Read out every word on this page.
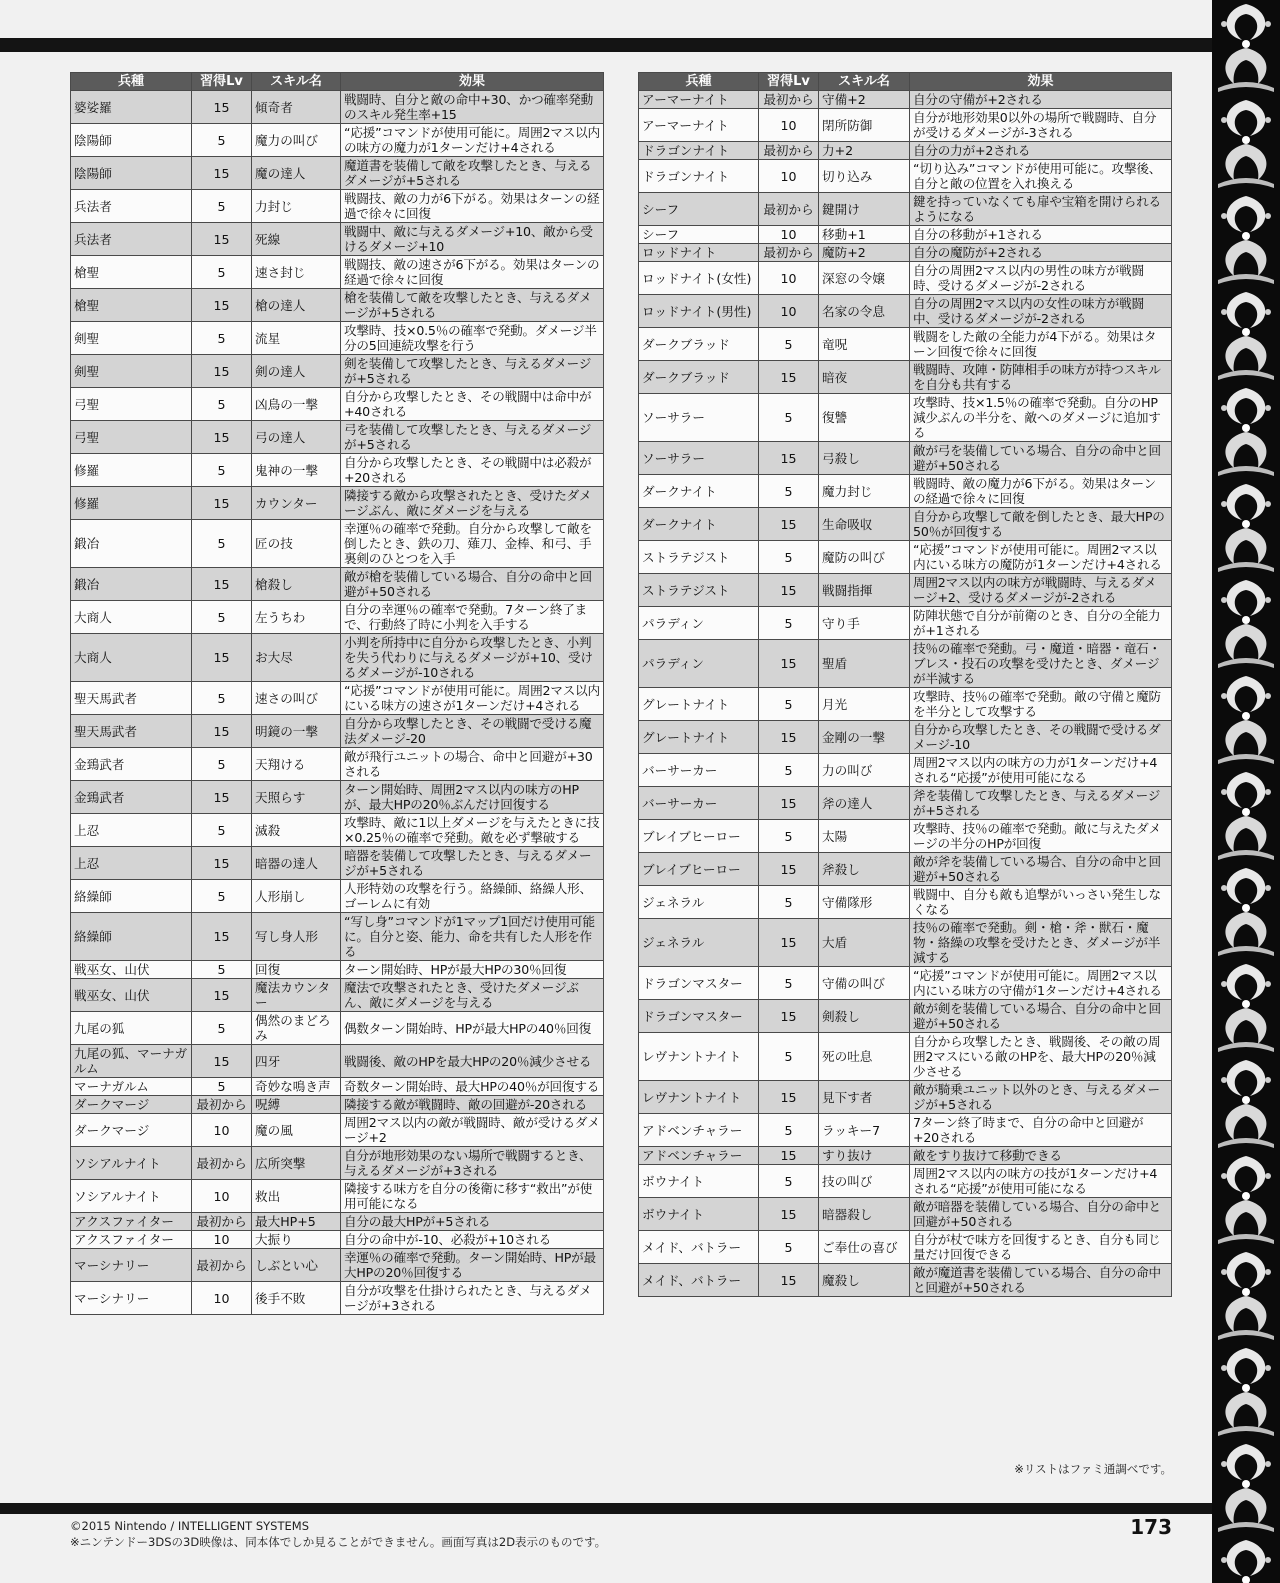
兵種	習得Lv	スキル名	効果
婆娑羅	15	傾奇者	戦闘時、自分と敵の命中+30、かつ確率発動のスキル発生率+15
陰陽師	5	魔力の叫び	“応援”コマンドが使用可能に。周囲2マス以内の味方の魔力が1ターンだけ+4される
陰陽師	15	魔の達人	魔道書を装備して敵を攻撃したとき、与えるダメージが+5される
兵法者	5	力封じ	戦闘技、敵の力が6下がる。効果はターンの経過で徐々に回復
兵法者	15	死線	戦闘中、敵に与えるダメージ+10、敵から受けるダメージ+10
槍聖	5	速さ封じ	戦闘技、敵の速さが6下がる。効果はターンの経過で徐々に回復
槍聖	15	槍の達人	槍を装備して敵を攻撃したとき、与えるダメージが+5される
剣聖	5	流星	攻撃時、技×0.5％の確率で発動。ダメージ半分の5回連続攻撃を行う
剣聖	15	剣の達人	剣を装備して攻撃したとき、与えるダメージが+5される
弓聖	5	凶鳥の一撃	自分から攻撃したとき、その戦闘中は命中が+40される
弓聖	15	弓の達人	弓を装備して攻撃したとき、与えるダメージが+5される
修羅	5	鬼神の一撃	自分から攻撃したとき、その戦闘中は必殺が+20される
修羅	15	カウンター	隣接する敵から攻撃されたとき、受けたダメージぶん、敵にダメージを与える
鍛冶	5	匠の技	幸運％の確率で発動。自分から攻撃して敵を倒したとき、鉄の刀、薙刀、金棒、和弓、手裏剣のひとつを入手
鍛冶	15	槍殺し	敵が槍を装備している場合、自分の命中と回避が+50される
大商人	5	左うちわ	自分の幸運％の確率で発動。7ターン終了まで、行動終了時に小判を入手する
大商人	15	お大尽	小判を所持中に自分から攻撃したとき、小判を失う代わりに与えるダメージが+10、受けるダメージが-10される
聖天馬武者	5	速さの叫び	“応援”コマンドが使用可能に。周囲2マス以内にいる味方の速さが1ターンだけ+4される
聖天馬武者	15	明鏡の一撃	自分から攻撃したとき、その戦闘で受ける魔法ダメージ-20
金鵄武者	5	天翔ける	敵が飛行ユニットの場合、命中と回避が+30される
金鵄武者	15	天照らす	ターン開始時、周囲2マス以内の味方のHPが、最大HPの20％ぶんだけ回復する
上忍	5	滅殺	攻撃時、敵に1以上ダメージを与えたときに技×0.25％の確率で発動。敵を必ず撃破する
上忍	15	暗器の達人	暗器を装備して攻撃したとき、与えるダメージが+5される
絡繰師	5	人形崩し	人形特効の攻撃を行う。絡繰師、絡繰人形、ゴーレムに有効
絡繰師	15	写し身人形	“写し身”コマンドが1マップ1回だけ使用可能に。自分と姿、能力、命を共有した人形を作る
戦巫女、山伏	5	回復	ターン開始時、HPが最大HPの30％回復
戦巫女、山伏	15	魔法カウンター	魔法で攻撃されたとき、受けたダメージぶん、敵にダメージを与える
九尾の狐	5	偶然のまどろみ	偶数ターン開始時、HPが最大HPの40％回復
九尾の狐、マーナガルム	15	四牙	戦闘後、敵のHPを最大HPの20％減少させる
マーナガルム	5	奇妙な鳴き声	奇数ターン開始時、最大HPの40％が回復する
ダークマージ	最初から	呪縛	隣接する敵が戦闘時、敵の回避が-20される
ダークマージ	10	魔の風	周囲2マス以内の敵が戦闘時、敵が受けるダメージ+2
ソシアルナイト	最初から	広所突撃	自分が地形効果のない場所で戦闘するとき、与えるダメージが+3される
ソシアルナイト	10	救出	隣接する味方を自分の後衛に移す“救出”が使用可能になる
アクスファイター	最初から	最大HP+5	自分の最大HPが+5される
アクスファイター	10	大振り	自分の命中が-10、必殺が+10される
マーシナリー	最初から	しぶとい心	幸運％の確率で発動。ターン開始時、HPが最大HPの20％回復する
マーシナリー	10	後手不敗	自分が攻撃を仕掛けられたとき、与えるダメージが+3される
兵種	習得Lv	スキル名	効果
アーマーナイト	最初から	守備+2	自分の守備が+2される
アーマーナイト	10	閉所防御	自分が地形効果0以外の場所で戦闘時、自分が受けるダメージが-3される
ドラゴンナイト	最初から	力+2	自分の力が+2される
ドラゴンナイト	10	切り込み	“切り込み”コマンドが使用可能に。攻撃後、自分と敵の位置を入れ換える
シーフ	最初から	鍵開け	鍵を持っていなくても扉や宝箱を開けられるようになる
シーフ	10	移動+1	自分の移動が+1される
ロッドナイト	最初から	魔防+2	自分の魔防が+2される
ロッドナイト(女性)	10	深窓の令嬢	自分の周囲2マス以内の男性の味方が戦闘時、受けるダメージが-2される
ロッドナイト(男性)	10	名家の令息	自分の周囲2マス以内の女性の味方が戦闘中、受けるダメージが-2される
ダークブラッド	5	竜呪	戦闘をした敵の全能力が4下がる。効果はターン回復で徐々に回復
ダークブラッド	15	暗夜	戦闘時、攻陣・防陣相手の味方が持つスキルを自分も共有する
ソーサラー	5	復讐	攻撃時、技×1.5％の確率で発動。自分のHP減少ぶんの半分を、敵へのダメージに追加する
ソーサラー	15	弓殺し	敵が弓を装備している場合、自分の命中と回避が+50される
ダークナイト	5	魔力封じ	戦闘時、敵の魔力が6下がる。効果はターンの経過で徐々に回復
ダークナイト	15	生命吸収	自分から攻撃して敵を倒したとき、最大HPの50％が回復する
ストラテジスト	5	魔防の叫び	“応援”コマンドが使用可能に。周囲2マス以内にいる味方の魔防が1ターンだけ+4される
ストラテジスト	15	戦闘指揮	周囲2マス以内の味方が戦闘時、与えるダメージ+2、受けるダメージが-2される
パラディン	5	守り手	防陣状態で自分が前衛のとき、自分の全能力が+1される
パラディン	15	聖盾	技％の確率で発動。弓・魔道・暗器・竜石・ブレス・投石の攻撃を受けたとき、ダメージが半減する
グレートナイト	5	月光	攻撃時、技％の確率で発動。敵の守備と魔防を半分として攻撃する
グレートナイト	15	金剛の一撃	自分から攻撃したとき、その戦闘で受けるダメージ-10
バーサーカー	5	力の叫び	周囲2マス以内の味方の力が1ターンだけ+4される“応援”が使用可能になる
バーサーカー	15	斧の達人	斧を装備して攻撃したとき、与えるダメージが+5される
ブレイブヒーロー	5	太陽	攻撃時、技％の確率で発動。敵に与えたダメージの半分のHPが回復
ブレイブヒーロー	15	斧殺し	敵が斧を装備している場合、自分の命中と回避が+50される
ジェネラル	5	守備隊形	戦闘中、自分も敵も追撃がいっさい発生しなくなる
ジェネラル	15	大盾	技％の確率で発動。剣・槍・斧・獣石・魔物・絡繰の攻撃を受けたとき、ダメージが半減する
ドラゴンマスター	5	守備の叫び	“応援”コマンドが使用可能に。周囲2マス以内にいる味方の守備が1ターンだけ+4される
ドラゴンマスター	15	剣殺し	敵が剣を装備している場合、自分の命中と回避が+50される
レヴナントナイト	5	死の吐息	自分から攻撃したとき、戦闘後、その敵の周囲2マスにいる敵のHPを、最大HPの20％減少させる
レヴナントナイト	15	見下す者	敵が騎乗ユニット以外のとき、与えるダメージが+5される
アドベンチャラー	5	ラッキー7	7ターン終了時まで、自分の命中と回避が+20される
アドベンチャラー	15	すり抜け	敵をすり抜けて移動できる
ボウナイト	5	技の叫び	周囲2マス以内の味方の技が1ターンだけ+4される“応援”が使用可能になる
ボウナイト	15	暗器殺し	敵が暗器を装備している場合、自分の命中と回避が+50される
メイド、バトラー	5	ご奉仕の喜び	自分が杖で味方を回復するとき、自分も同じ量だけ回復できる
メイド、バトラー	15	魔殺し	敵が魔道書を装備している場合、自分の命中と回避が+50される
※リストはファミ通調べです。
©2015 Nintendo / INTELLIGENT SYSTEMS
※ニンテンドー3DSの3D映像は、同本体でしか見ることができません。画面写真は2D表示のものです。
173
